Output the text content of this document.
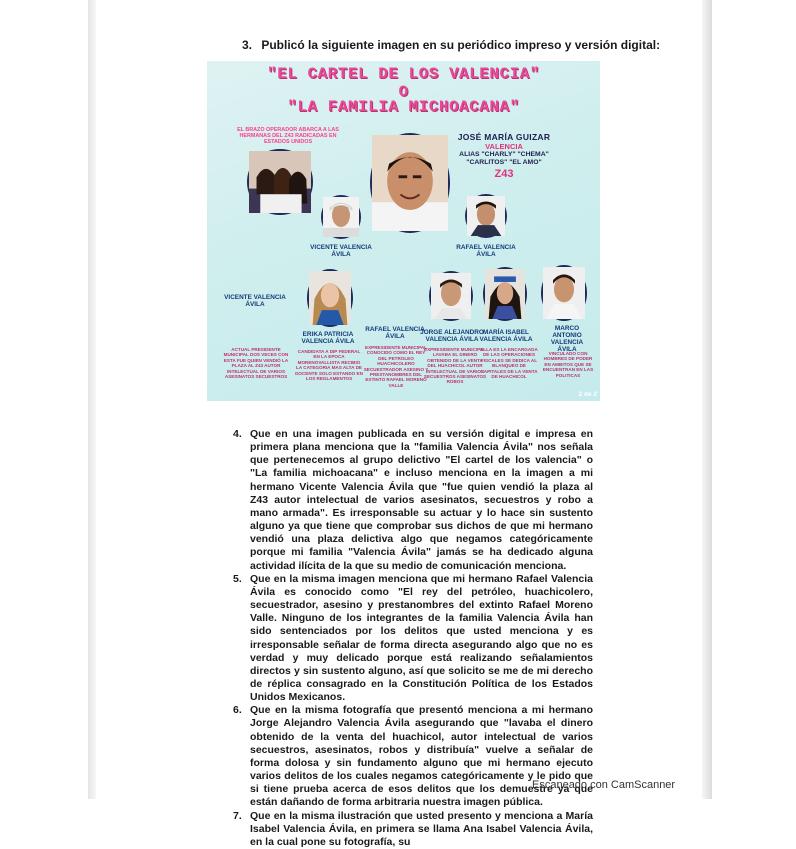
3. Publicó la siguiente imagen en su periódico impreso y versión digital:
"EL CARTEL DE LOS VALENCIA"
O
"LA FAMILIA MICHOACANA"
EL BRAZO OPERADOR ABARCA A LAS HERMANAS DEL Z43 RADICADAS EN ESTADOS UNIDOS
JOSÉ MARÍA GUIZAR
VALENCIA
ALIAS "CHARLY" "CHEMA"
"CARLITOS" "EL AMO"
Z43
VICENTE VALENCIA ÁVILA
RAFAEL VALENCIA ÁVILA
VICENTE VALENCIA ÁVILA
ERIKA PATRICIA VALENCIA ÁVILA
CANDIDATA A DIP FEDERAL EN LA EPOCA MORENOVALLISTA RECIBIO LA CATEGORIA MAS ALTA DE DOCENTE SOLO ESTANDO EN LOS REGLAMENTOS
RAFAEL VALENCIA ÁVILA
EXPRESIDENTE MUNICIPAL CONOCIDO COMO EL REY DEL PETROLEO HUACHICOLERO SECUESTRADOR ASESINO Y PRESTANOMBRES DEL EXTINTO RAFAEL MORENO VALLE
ACTUAL PRESIDENTE MUNICIPAL DOS VECES CON ESTA FUE QUIEN VENDIÓ LA PLAZA AL Z43 AUTOR INTELECTUAL DE VARIOS ASESINATOS SECUESTROS
JORGE ALEJANDRO VALENCIA ÁVILA
EXPRESIDENTE MUNICIPAL LAVABA EL DINERO OBTENIDO DE LA VENTA DEL HUACHICOL AUTOR INTELECTUAL DE VARIOS SECUESTROS ASESINATOS ROBOS
MARÍA ISABEL VALENCIA ÁVILA
ELLA ES LA ENCARGADA DE LAS OPERACIONES FISCALES SE DEDICA AL BLANQUEO DE CAPITALES DE LA VENTA DE HUACHICOL
MARCO ANTONIO VALENCIA ÁVILA
VINCULADO CON HOMBRES DE PODER EN AMBITOS QUE SE ENCUENTRAN EN LAS POLITICAS
2 de 2
4. Que en una imagen publicada en su versión digital e impresa en primera plana menciona que la "familia Valencia Ávila" nos señala que pertenecemos al grupo delictivo "El cartel de los valencia" o "La familia michoacana" e incluso menciona en la imagen a mi hermano Vicente Valencia Ávila que "fue quien vendió la plaza al Z43 autor intelectual de varios asesinatos, secuestros y robo a mano armada". Es irresponsable su actuar y lo hace sin sustento alguno ya que tiene que comprobar sus dichos de que mi hermano vendió una plaza delictiva algo que negamos categóricamente porque mi familia "Valencia Ávila" jamás se ha dedicado alguna actividad ilícita de la que su medio de comunicación menciona.
5. Que en la misma imagen menciona que mi hermano Rafael Valencia Ávila es conocido como "El rey del petróleo, huachicolero, secuestrador, asesino y prestanombres del extinto Rafael Moreno Valle. Ninguno de los integrantes de la familia Valencia Ávila han sido sentenciados por los delitos que usted menciona y es irresponsable señalar de forma directa asegurando algo que no es verdad y muy delicado porque está realizando señalamientos directos y sin sustento alguno, así que solicito se me de mi derecho de réplica consagrado en la Constitución Política de los Estados Unidos Mexicanos.
6. Que en la misma fotografía que presentó menciona a mi hermano Jorge Alejandro Valencia Ávila asegurando que "lavaba el dinero obtenido de la venta del huachicol, autor intelectual de varios secuestros, asesinatos, robos y distribuía" vuelve a señalar de forma dolosa y sin fundamento alguno que mi hermano ejecuto varios delitos de los cuales negamos categóricamente y le pido que si tiene prueba acerca de esos delitos que los demuestre ya que están dañando de forma arbitraria nuestra imagen pública.
7. Que en la misma ilustración que usted presento y menciona a María Isabel Valencia Ávila, en primera se llama Ana Isabel Valencia Ávila, en la cual pone su fotografía, su
Escaneado con CamScanner
